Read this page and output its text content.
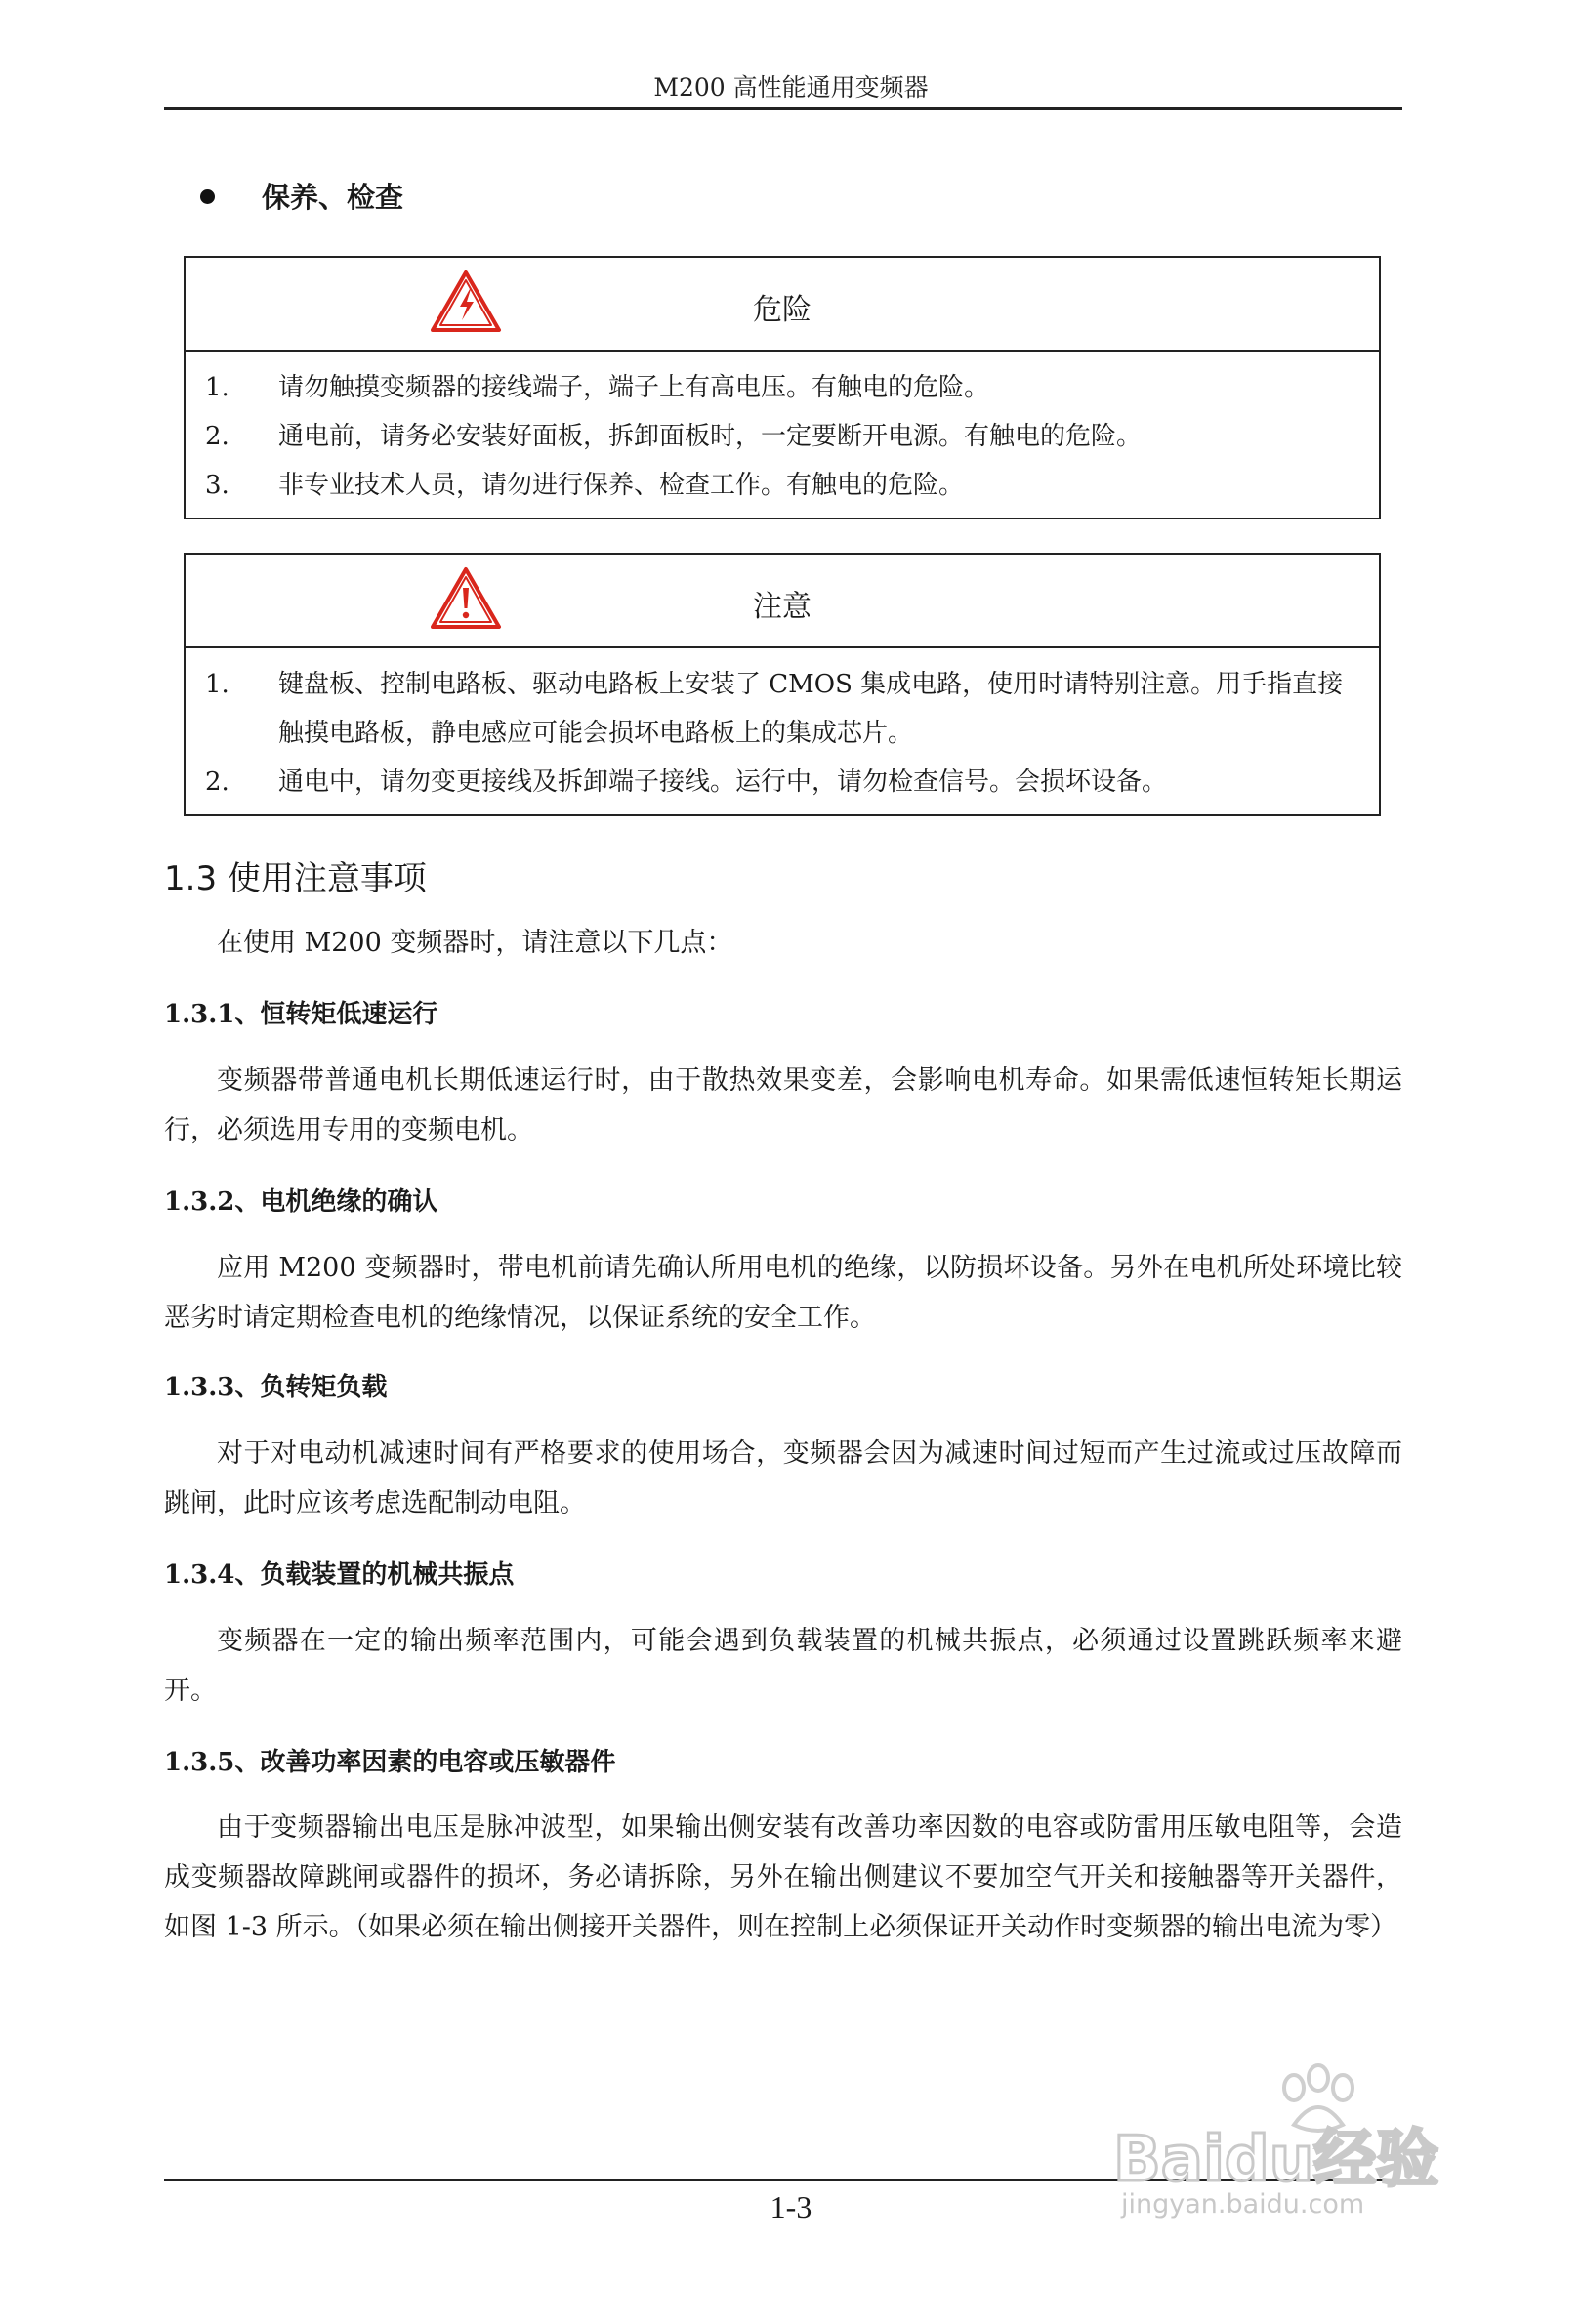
M200 高性能通用变频器
保养、检查
危险
1. 请勿触摸变频器的接线端子，端子上有高电压。有触电的危险。
2. 通电前，请务必安装好面板，拆卸面板时，一定要断开电源。有触电的危险。
3. 非专业技术人员，请勿进行保养、检查工作。有触电的危险。
注意
1. 键盘板、控制电路板、驱动电路板上安装了 CMOS 集成电路，使用时请特别注意。用手指直接触摸电路板，静电感应可能会损坏电路板上的集成芯片。
2. 通电中，请勿变更接线及拆卸端子接线。运行中，请勿检查信号。会损坏设备。
1.3 使用注意事项
在使用 M200 变频器时，请注意以下几点：
1.3.1、恒转矩低速运行
变频器带普通电机长期低速运行时，由于散热效果变差，会影响电机寿命。如果需低速恒转矩长期运行，必须选用专用的变频电机。
1.3.2、电机绝缘的确认
应用 M200 变频器时，带电机前请先确认所用电机的绝缘，以防损坏设备。另外在电机所处环境比较恶劣时请定期检查电机的绝缘情况，以保证系统的安全工作。
1.3.3、负转矩负载
对于对电动机减速时间有严格要求的使用场合，变频器会因为减速时间过短而产生过流或过压故障而跳闸，此时应该考虑选配制动电阻。
1.3.4、负载装置的机械共振点
变频器在一定的输出频率范围内，可能会遇到负载装置的机械共振点，必须通过设置跳跃频率来避开。
1.3.5、改善功率因素的电容或压敏器件
由于变频器输出电压是脉冲波型，如果输出侧安装有改善功率因数的电容或防雷用压敏电阻等，会造成变频器故障跳闸或器件的损坏，务必请拆除，另外在输出侧建议不要加空气开关和接触器等开关器件，如图 1-3 所示。（如果必须在输出侧接开关器件，则在控制上必须保证开关动作时变频器的输出电流为零）
1-3
Baidu经验
jingyan.baidu.com
